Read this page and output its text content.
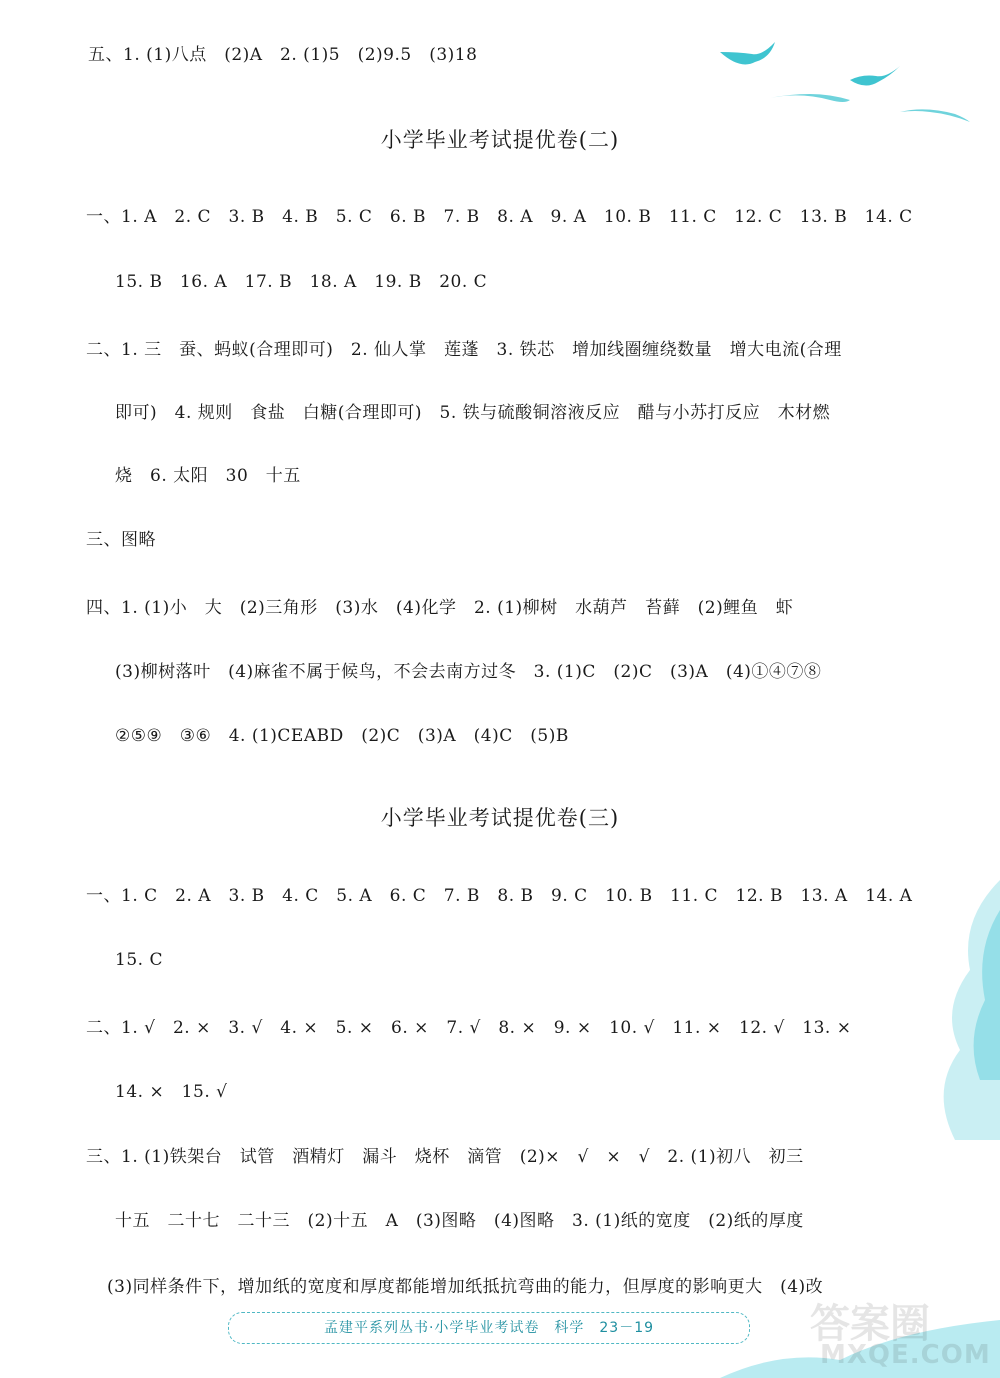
五、1. (1)八点　(2)A　2. (1)5　(2)9.5　(3)18
小学毕业考试提优卷(二)
一、1. A　2. C　3. B　4. B　5. C　6. B　7. B　8. A　9. A　10. B　11. C　12. C　13. B　14. C
15. B　16. A　17. B　18. A　19. B　20. C
二、1. 三　蚕、蚂蚁(合理即可)　2. 仙人掌　莲蓬　3. 铁芯　增加线圈缠绕数量　增大电流(合理
即可)　4. 规则　食盐　白糖(合理即可)　5. 铁与硫酸铜溶液反应　醋与小苏打反应　木材燃
烧　6. 太阳　30　十五
三、图略
四、1. (1)小　大　(2)三角形　(3)水　(4)化学　2. (1)柳树　水葫芦　苔藓　(2)鲤鱼　虾
(3)柳树落叶　(4)麻雀不属于候鸟，不会去南方过冬　3. (1)C　(2)C　(3)A　(4)①④⑦⑧
②⑤⑨　③⑥　4. (1)CEABD　(2)C　(3)A　(4)C　(5)B
小学毕业考试提优卷(三)
一、1. C　2. A　3. B　4. C　5. A　6. C　7. B　8. B　9. C　10. B　11. C　12. B　13. A　14. A
15. C
二、1. √　2. ×　3. √　4. ×　5. ×　6. ×　7. √　8. ×　9. ×　10. √　11. ×　12. √　13. ×
14. ×　15. √
三、1. (1)铁架台　试管　酒精灯　漏斗　烧杯　滴管　(2)×　√　×　√　2. (1)初八　初三
十五　二十七　二十三　(2)十五　A　(3)图略　(4)图略　3. (1)纸的宽度　(2)纸的厚度
(3)同样条件下，增加纸的宽度和厚度都能增加纸抵抗弯曲的能力，但厚度的影响更大　(4)改
孟建平系列丛书·小学毕业考试卷　科学　23－19	答案圈
MXQE.COM
